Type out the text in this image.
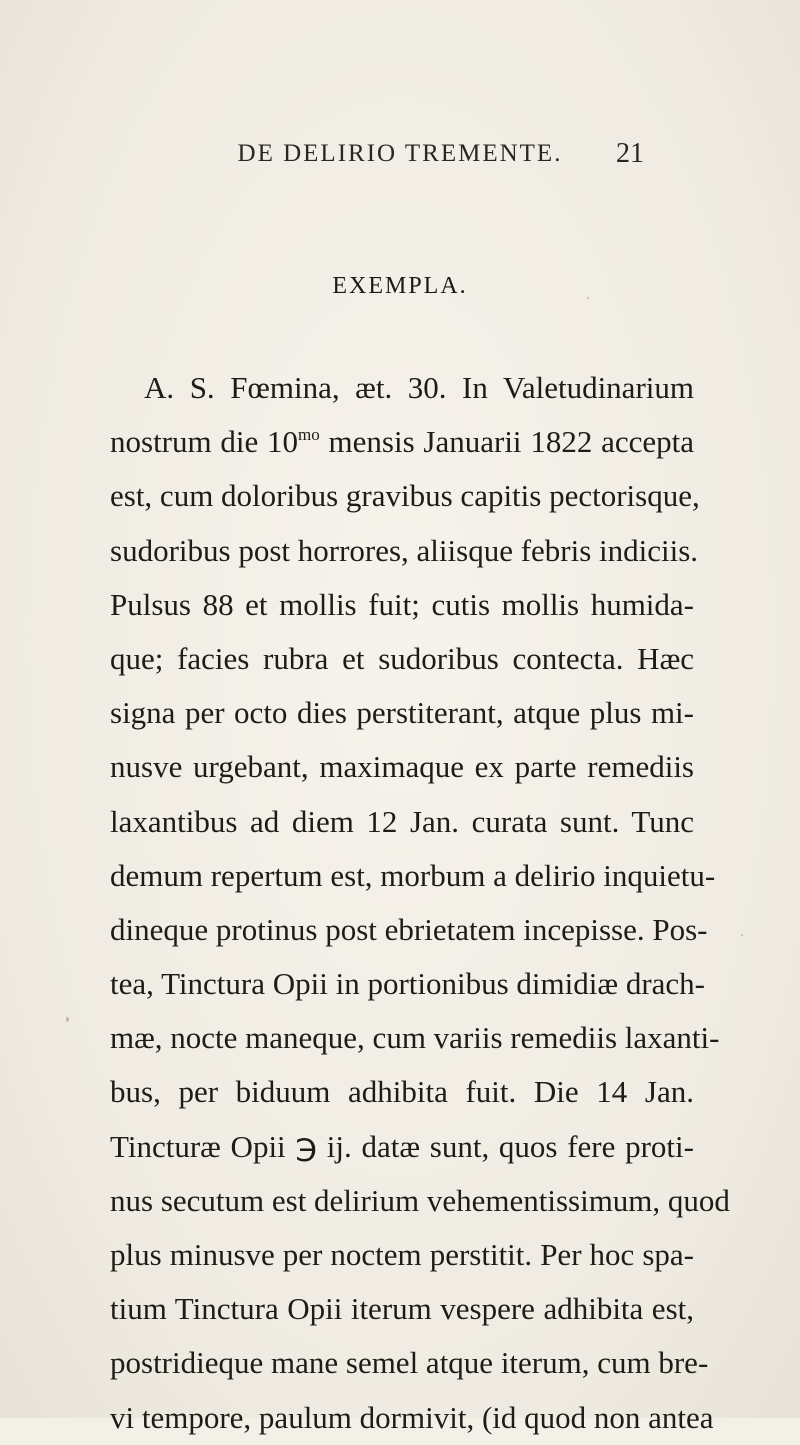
DE DELIRIO TREMENTE. 21
EXEMPLA.
A. S. Fœmina, æt. 30. In Valetudinarium
nostrum die $10^{mo}$ mensis Januarii 1822 accepta
est, cum doloribus gravibus capitis pectorisque,
sudoribus post horrores, aliisque febris indiciis.
Pulsus 88 et mollis fuit; cutis mollis humida-
que; facies rubra et sudoribus contecta. Hæc
signa per octo dies perstiterant, atque plus mi-
nusve urgebant, maximaque ex parte remediis
laxantibus ad diem 12 Jan. curata sunt. Tunc
demum repertum est, morbum a delirio inquietu-
dineque protinus post ebrietatem incepisse. Pos-
tea, Tinctura Opii in portionibus dimidiæ drach-
mæ, nocte maneque, cum variis remediis laxanti-
bus, per biduum adhibita fuit. Die 14 Jan.
Tincturæ Opii ℈ ij. datæ sunt, quos fere proti-
nus secutum est delirium vehementissimum, quod
plus minusve per noctem perstitit. Per hoc spa-
tium Tinctura Opii iterum vespere adhibita est,
postridieque mane semel atque iterum, cum bre-
vi tempore, paulum dormivit, (id quod non antea
